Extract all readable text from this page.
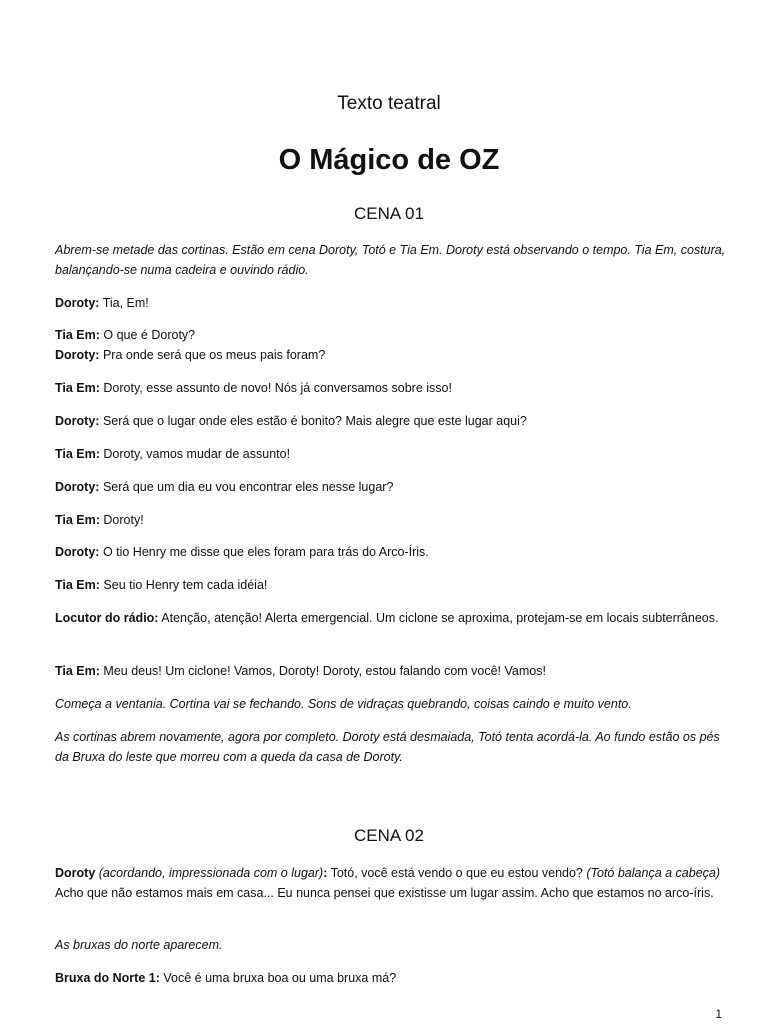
Texto teatral
O Mágico de OZ
CENA 01

Abrem-se metade das cortinas. Estão em cena Doroty, Totó e Tia Em. Doroty está observando o tempo. Tia Em, costura, balançando-se numa cadeira e ouvindo rádio.

Doroty: Tia, Em!

Tia Em: O que é Doroty?

Doroty: Pra onde será que os meus pais foram?

Tia Em: Doroty, esse assunto de novo! Nós já conversamos sobre isso!

Doroty: Será que o lugar onde eles estão é bonito? Mais alegre que este lugar aqui?

Tia Em: Doroty, vamos mudar de assunto!

Doroty: Será que um dia eu vou encontrar eles nesse lugar?

Tia Em: Doroty!

Doroty: O tio Henry me disse que eles foram para trás do Arco-Íris.

Tia Em: Seu tio Henry tem cada idéia!

Locutor do rádio: Atenção, atenção! Alerta emergencial. Um ciclone se aproxima, protejam-se em locais subterrâneos.

Tia Em: Meu deus! Um ciclone! Vamos, Doroty! Doroty, estou falando com você! Vamos!

Começa a ventania. Cortina vai se fechando. Sons de vidraças quebrando, coisas caindo e muito vento.

As cortinas abrem novamente, agora por completo. Doroty está desmaiada, Totó tenta acordá-la. Ao fundo estão os pés da Bruxa do leste que morreu com a queda da casa de Doroty.

CENA 02

Doroty (acordando, impressionada com o lugar): Totó, você está vendo o que eu estou vendo? (Totó balança a cabeça) Acho que não estamos mais em casa... Eu nunca pensei que existisse um lugar assim. Acho que estamos no arco-íris.

As bruxas do norte aparecem.

Bruxa do Norte 1: Você é uma bruxa boa ou uma bruxa má?

1
